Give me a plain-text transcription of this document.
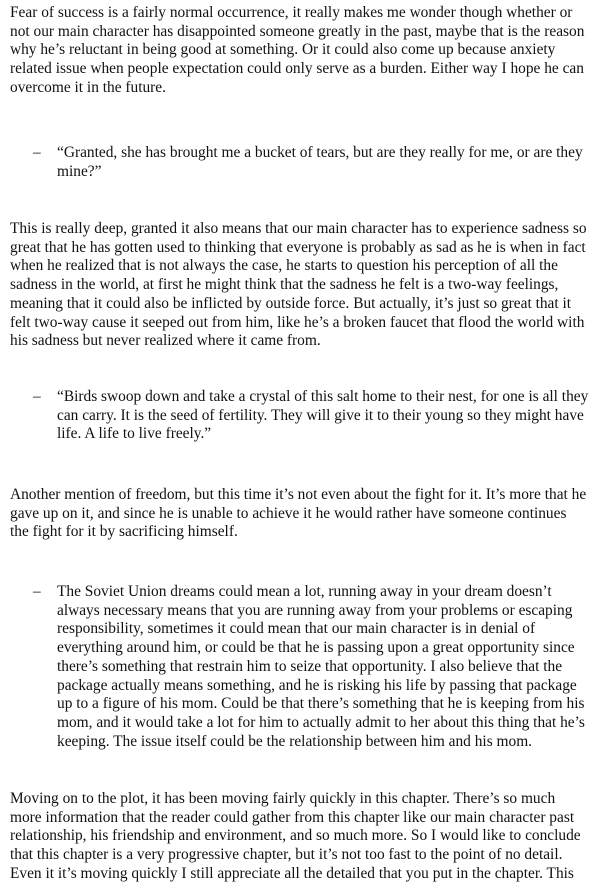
Fear of success is a fairly normal occurrence, it really makes me wonder though whether or
not our main character has disappointed someone greatly in the past, maybe that is the reason
why he’s reluctant in being good at something. Or it could also come up because anxiety
related issue when people expectation could only serve as a burden. Either way I hope he can
overcome it in the future.
– “Granted, she has brought me a bucket of tears, but are they really for me, or are they
mine?”
This is really deep, granted it also means that our main character has to experience sadness so
great that he has gotten used to thinking that everyone is probably as sad as he is when in fact
when he realized that is not always the case, he starts to question his perception of all the
sadness in the world, at first he might think that the sadness he felt is a two-way feelings,
meaning that it could also be inflicted by outside force. But actually, it’s just so great that it
felt two-way cause it seeped out from him, like he’s a broken faucet that flood the world with
his sadness but never realized where it came from.
– “Birds swoop down and take a crystal of this salt home to their nest, for one is all they
can carry. It is the seed of fertility. They will give it to their young so they might have
life. A life to live freely.”
Another mention of freedom, but this time it’s not even about the fight for it. It’s more that he
gave up on it, and since he is unable to achieve it he would rather have someone continues
the fight for it by sacrificing himself.
– The Soviet Union dreams could mean a lot, running away in your dream doesn’t
always necessary means that you are running away from your problems or escaping
responsibility, sometimes it could mean that our main character is in denial of
everything around him, or could be that he is passing upon a great opportunity since
there’s something that restrain him to seize that opportunity. I also believe that the
package actually means something, and he is risking his life by passing that package
up to a figure of his mom. Could be that there’s something that he is keeping from his
mom, and it would take a lot for him to actually admit to her about this thing that he’s
keeping. The issue itself could be the relationship between him and his mom.
Moving on to the plot, it has been moving fairly quickly in this chapter. There’s so much
more information that the reader could gather from this chapter like our main character past
relationship, his friendship and environment, and so much more. So I would like to conclude
that this chapter is a very progressive chapter, but it’s not too fast to the point of no detail.
Even it it’s moving quickly I still appreciate all the detailed that you put in the chapter. This
